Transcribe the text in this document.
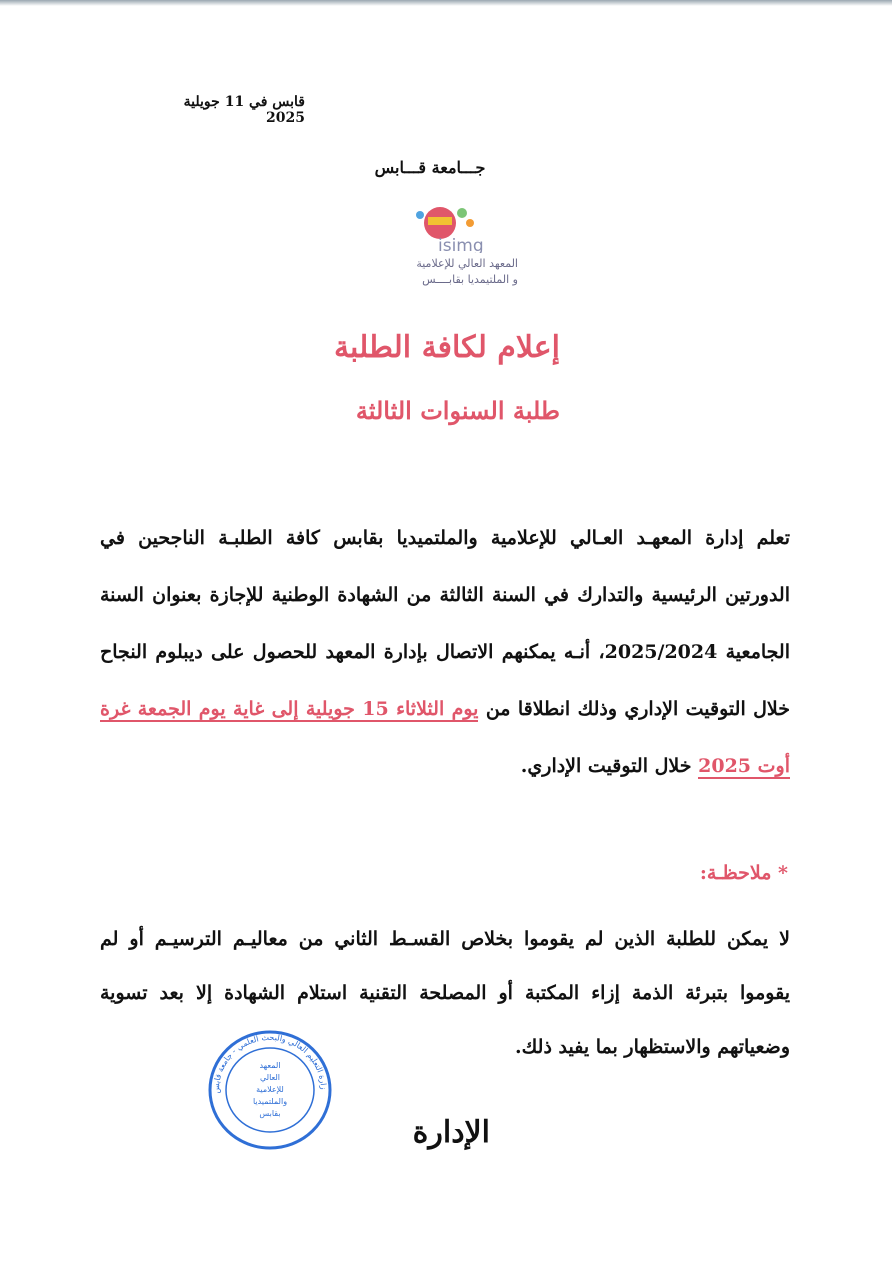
قابس في 11 جويلية 2025
جـــامعة قـــابس
isimg
المعهد العالي للإعلامية
و الملتيمديا بقابــــس
إعلام لكافة الطلبة
طلبة السنوات الثالثة
تعلم إدارة المعهـد العـالي للإعلامية والملتميديا بقابس كافة الطلبـة الناجحين في الدورتين الرئيسية والتدارك في السنة الثالثة من الشهادة الوطنية للإجازة بعنوان السنة الجامعية 2025/2024، أنـه يمكنهم الاتصال بإدارة المعهد للحصول على ديبلوم النجاح خلال التوقيت الإداري وذلك انطلاقا من يوم الثلاثاء 15 جويلية إلى غاية يوم الجمعة غرة أوت 2025 خلال التوقيت الإداري.
* ملاحظـة:
لا يمكن للطلبة الذين لم يقوموا بخلاص القسـط الثاني من معاليـم الترسيـم أو لم يقوموا بتبرئة الذمة إزاء المكتبة أو المصلحة التقنية استلام الشهادة إلا بعد تسوية وضعياتهم والاستظهار بما يفيد ذلك.
زارة التعليم العالي والبحث العلمي - جامعة قابس
المعهد
العالي
للإعلامية
والملتميديا
بقابس
الإدارة
